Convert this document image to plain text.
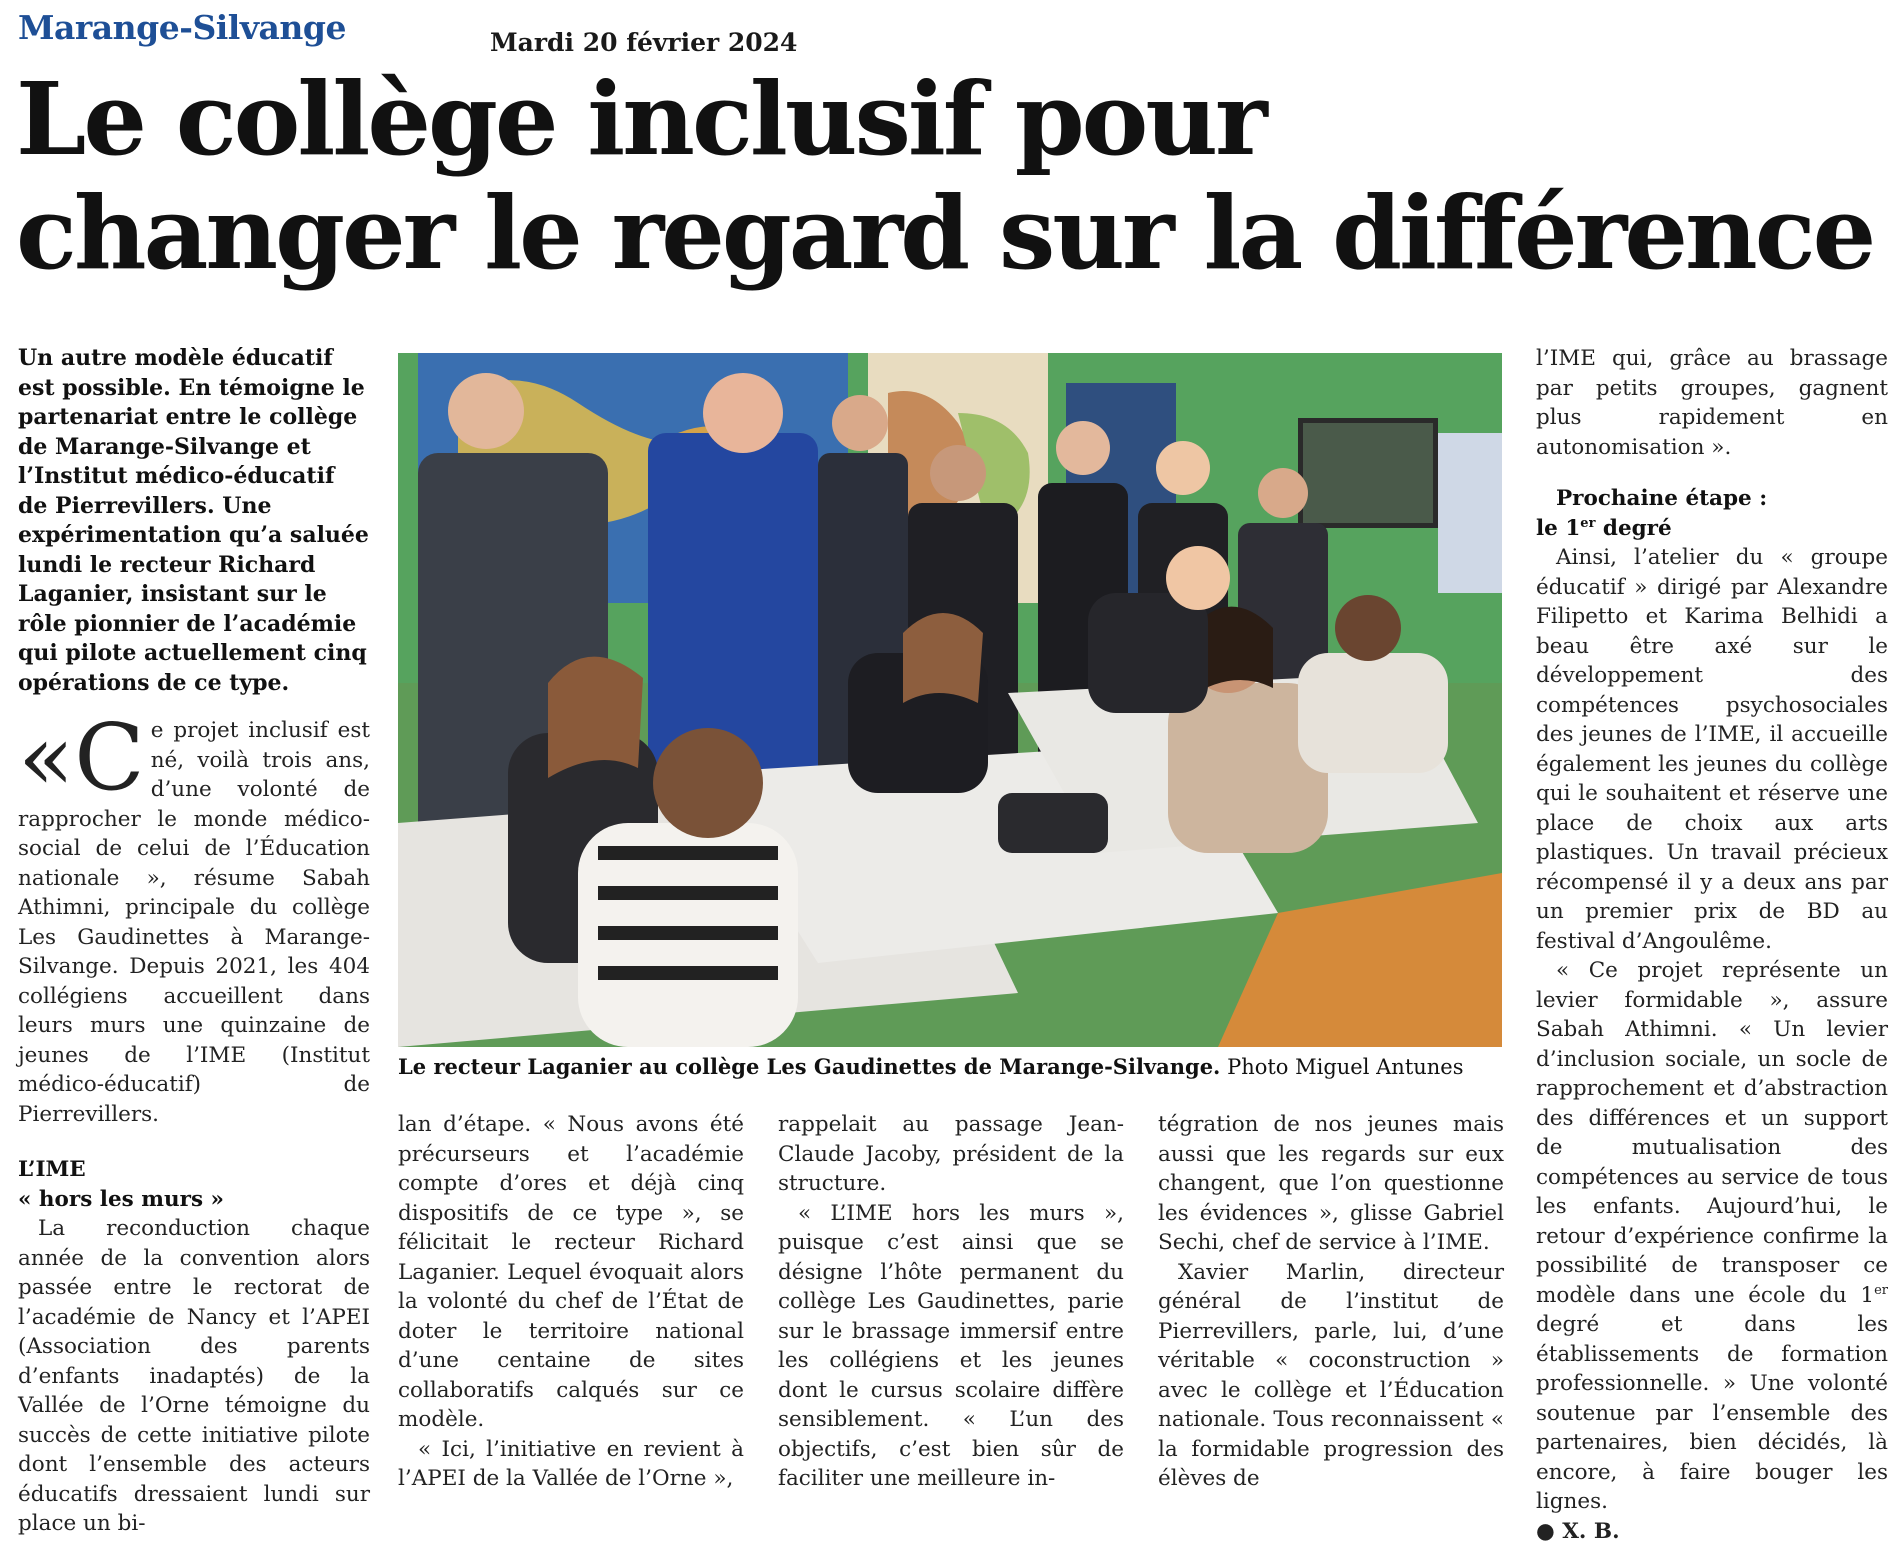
Marange-Silvange	Mardi 20 février 2024
Le collège inclusif pour
changer le regard sur la différence

Un autre modèle éducatif est possible. En témoigne le partenariat entre le collège de Marange-Silvange et l’Institut médico-éducatif de Pierrevillers. Une expérimentation qu’a saluée lundi le recteur Richard Laganier, insistant sur le rôle pionnier de l’académie qui pilote actuellement cinq opérations de ce type.

«Ce projet inclusif est né, voilà trois ans, d’une volonté de rapprocher le monde médico-social de celui de l’Éducation nationale », résume Sabah Athimni, principale du collège Les Gaudinettes à Marange-Silvange. Depuis 2021, les 404 collégiens accueillent dans leurs murs une quinzaine de jeunes de l’IME (Institut médico-éducatif) de Pierrevillers.

L’IME
« hors les murs »

La reconduction chaque année de la convention alors passée entre le rectorat de l’académie de Nancy et l’APEI (Association des parents d’enfants inadaptés) de la Vallée de l’Orne témoigne du succès de cette initiative pilote dont l’ensemble des acteurs éducatifs dressaient lundi sur place un bi-

Le recteur Laganier au collège Les Gaudinettes de Marange-Silvange. Photo Miguel Antunes

lan d’étape. « Nous avons été précurseurs et l’académie compte d’ores et déjà cinq dispositifs de ce type », se félicitait le recteur Richard Laganier. Lequel évoquait alors la volonté du chef de l’État de doter le territoire national d’une centaine de sites collaboratifs calqués sur ce modèle.

« Ici, l’initiative en revient à l’APEI de la Vallée de l’Orne »,

rappelait au passage Jean-Claude Jacoby, président de la structure.

« L’IME hors les murs », puisque c’est ainsi que se désigne l’hôte permanent du collège Les Gaudinettes, parie sur le brassage immersif entre les collégiens et les jeunes dont le cursus scolaire diffère sensiblement. « L’un des objectifs, c’est bien sûr de faciliter une meilleure in-

tégration de nos jeunes mais aussi que les regards sur eux changent, que l’on questionne les évidences », glisse Gabriel Sechi, chef de service à l’IME.

Xavier Marlin, directeur général de l’institut de Pierrevillers, parle, lui, d’une véritable « coconstruction » avec le collège et l’Éducation nationale. Tous reconnaissent « la formidable progression des élèves de

l’IME qui, grâce au brassage par petits groupes, gagnent plus rapidement en autonomisation ».

Prochaine étape :

le 1er degré

Ainsi, l’atelier du « groupe éducatif » dirigé par Alexandre Filipetto et Karima Belhidi a beau être axé sur le développement des compétences psychosociales des jeunes de l’IME, il accueille également les jeunes du collège qui le souhaitent et réserve une place de choix aux arts plastiques. Un travail précieux récompensé il y a deux ans par un premier prix de BD au festival d’Angoulême.

« Ce projet représente un levier formidable », assure Sabah Athimni. « Un levier d’inclusion sociale, un socle de rapprochement et d’abstraction des différences et un support de mutualisation des compétences au service de tous les enfants. Aujourd’hui, le retour d’expérience confirme la possibilité de transposer ce modèle dans une école du 1er degré et dans les établissements de formation professionnelle. » Une volonté soutenue par l’ensemble des partenaires, bien décidés, là encore, à faire bouger les lignes.

● X. B.
